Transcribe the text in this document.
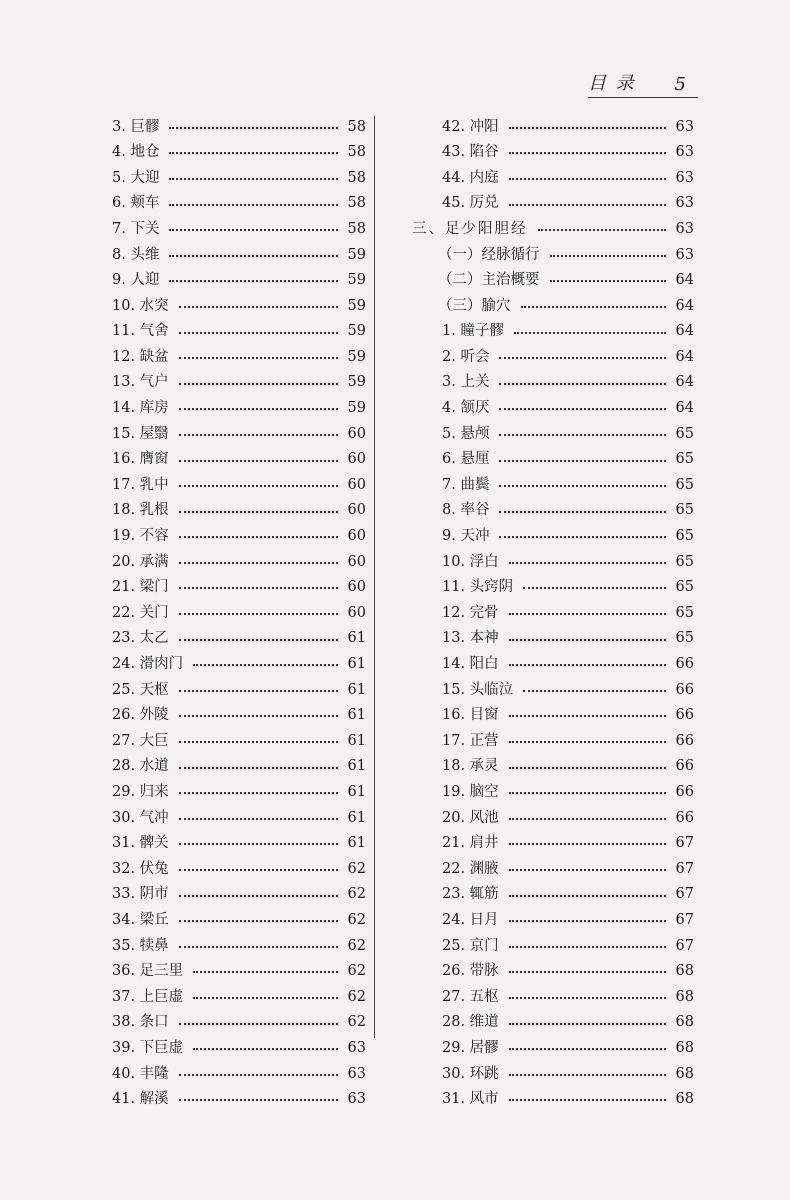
目 录 5
3. 巨髎	58
4. 地仓	58
5. 大迎	58
6. 颊车	58
7. 下关	58
8. 头维	59
9. 人迎	59
10. 水突	59
11. 气舍	59
12. 缺盆	59
13. 气户	59
14. 库房	59
15. 屋翳	60
16. 膺窗	60
17. 乳中	60
18. 乳根	60
19. 不容	60
20. 承满	60
21. 梁门	60
22. 关门	60
23. 太乙	61
24. 滑肉门	61
25. 天枢	61
26. 外陵	61
27. 大巨	61
28. 水道	61
29. 归来	61
30. 气冲	61
31. 髀关	61
32. 伏兔	62
33. 阴市	62
34. 梁丘	62
35. 犊鼻	62
36. 足三里	62
37. 上巨虚	62
38. 条口	62
39. 下巨虚	63
40. 丰隆	63
41. 解溪	63
42. 冲阳	63
43. 陷谷	63
44. 内庭	63
45. 厉兑	63
三、足少阳胆经	63
（一）经脉循行	63
（二）主治概要	64
（三）腧穴	64
1. 瞳子髎	64
2. 听会	64
3. 上关	64
4. 颔厌	64
5. 悬颅	65
6. 悬厘	65
7. 曲鬓	65
8. 率谷	65
9. 天冲	65
10. 浮白	65
11. 头窍阴	65
12. 完骨	65
13. 本神	65
14. 阳白	66
15. 头临泣	66
16. 目窗	66
17. 正营	66
18. 承灵	66
19. 脑空	66
20. 风池	66
21. 肩井	67
22. 渊腋	67
23. 辄筋	67
24. 日月	67
25. 京门	67
26. 带脉	68
27. 五枢	68
28. 维道	68
29. 居髎	68
30. 环跳	68
31. 风市	68
